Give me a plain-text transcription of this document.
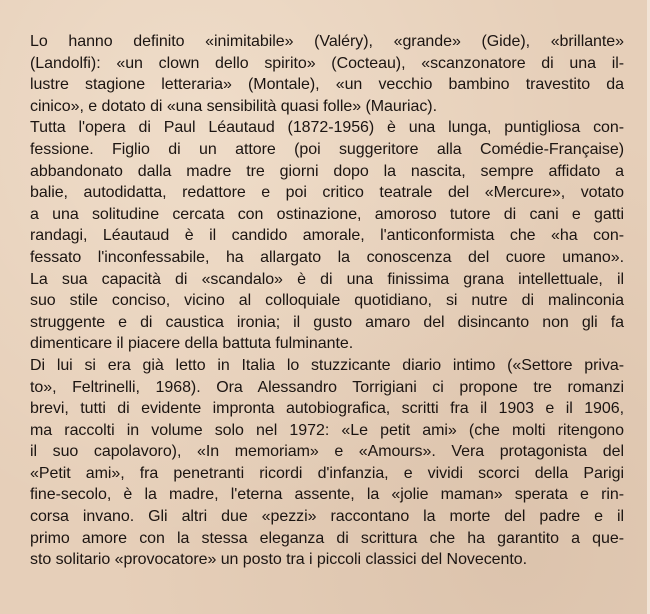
Lo hanno definito «inimitabile» (Valéry), «grande» (Gide), «brillante»
(Landolfi): «un clown dello spirito» (Cocteau), «scanzonatore di una il-
lustre stagione letteraria» (Montale), «un vecchio bambino travestito da
cinico», e dotato di «una sensibilità quasi folle» (Mauriac).
Tutta l'opera di Paul Léautaud (1872-1956) è una lunga, puntigliosa con-
fessione. Figlio di un attore (poi suggeritore alla Comédie-Française)
abbandonato dalla madre tre giorni dopo la nascita, sempre affidato a
balie, autodidatta, redattore e poi critico teatrale del «Mercure», votato
a una solitudine cercata con ostinazione, amoroso tutore di cani e gatti
randagi, Léautaud è il candido amorale, l'anticonformista che «ha con-
fessato l'inconfessabile, ha allargato la conoscenza del cuore umano».
La sua capacità di «scandalo» è di una finissima grana intellettuale, il
suo stile conciso, vicino al colloquiale quotidiano, si nutre di malinconia
struggente e di caustica ironia; il gusto amaro del disincanto non gli fa
dimenticare il piacere della battuta fulminante.
Di lui si era già letto in Italia lo stuzzicante diario intimo («Settore priva-
to», Feltrinelli, 1968). Ora Alessandro Torrigiani ci propone tre romanzi
brevi, tutti di evidente impronta autobiografica, scritti fra il 1903 e il 1906,
ma raccolti in volume solo nel 1972: «Le petit ami» (che molti ritengono
il suo capolavoro), «In memoriam» e «Amours». Vera protagonista del
«Petit ami», fra penetranti ricordi d'infanzia, e vividi scorci della Parigi
fine-secolo, è la madre, l'eterna assente, la «jolie maman» sperata e rin-
corsa invano. Gli altri due «pezzi» raccontano la morte del padre e il
primo amore con la stessa eleganza di scrittura che ha garantito a que-
sto solitario «provocatore» un posto tra i piccoli classici del Novecento.
